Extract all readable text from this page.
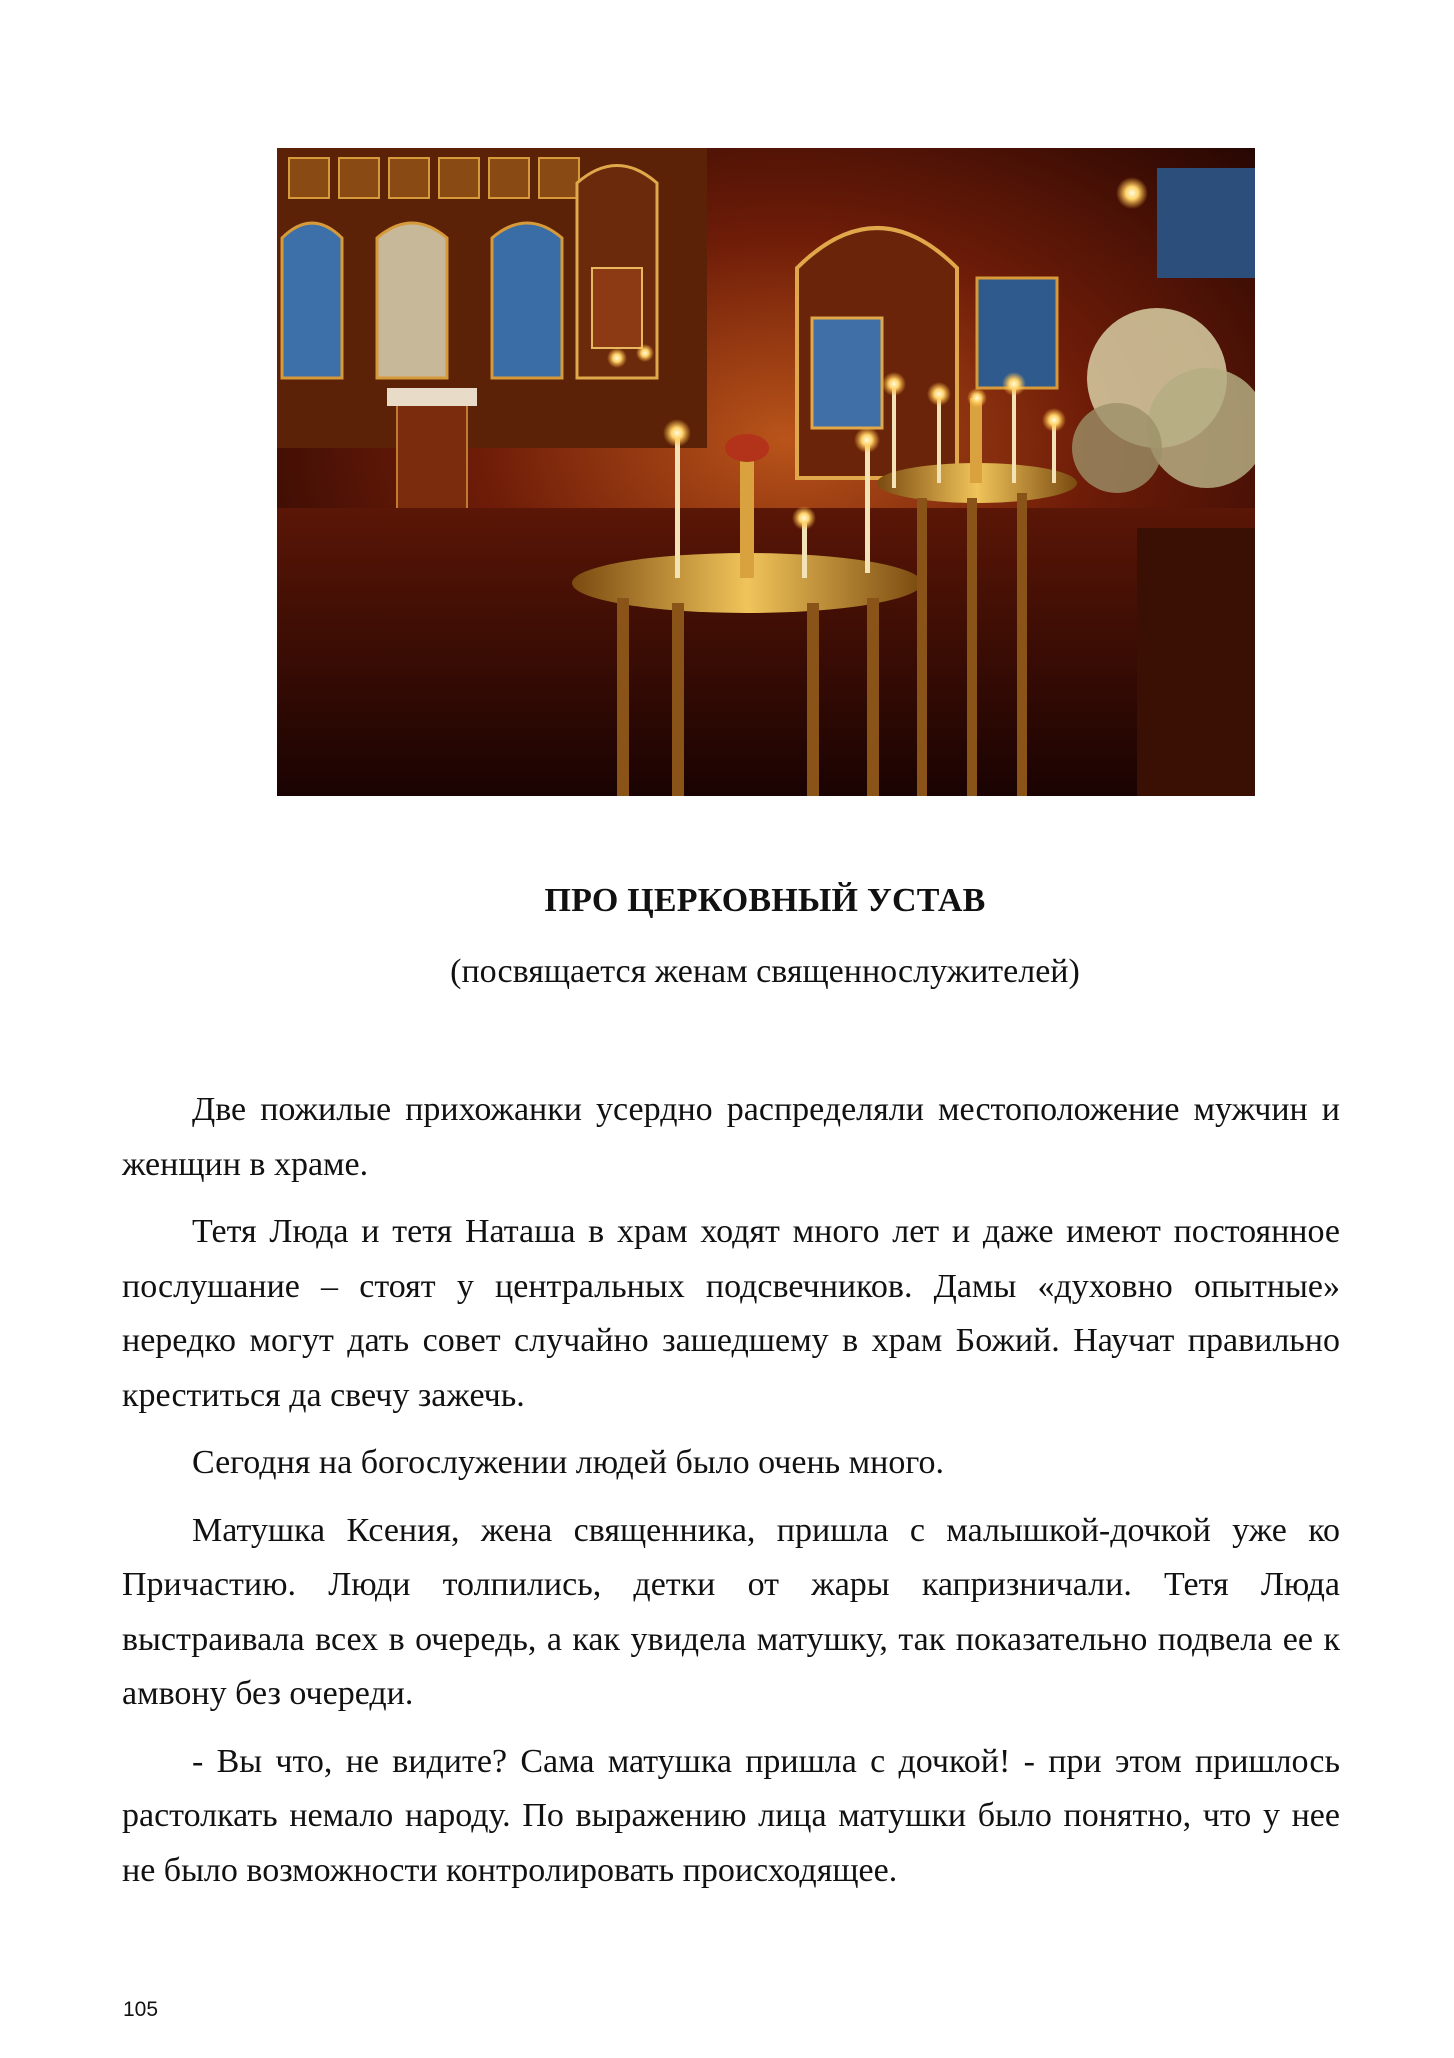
ПРО ЦЕРКОВНЫЙ УСТАВ
(посвящается женам священнослужителей)

Две пожилые прихожанки усердно распределяли местоположение мужчин и женщин в храме.

Тетя Люда и тетя Наташа в храм ходят много лет и даже имеют постоянное послушание – стоят у центральных подсвечников. Дамы «духовно опытные» нередко могут дать совет случайно зашедшему в храм Божий. Научат правильно креститься да свечу зажечь.

Сегодня на богослужении людей было очень много.

Матушка Ксения, жена священника, пришла с малышкой-дочкой уже ко Причастию. Люди толпились, детки от жары капризничали. Тетя Люда выстраивала всех в очередь, а как увидела матушку, так показательно подвела ее к амвону без очереди.

- Вы что, не видите? Сама матушка пришла с дочкой! - при этом пришлось растолкать немало народу. По выражению лица матушки было понятно, что у нее не было возможности контролировать происходящее.

105
